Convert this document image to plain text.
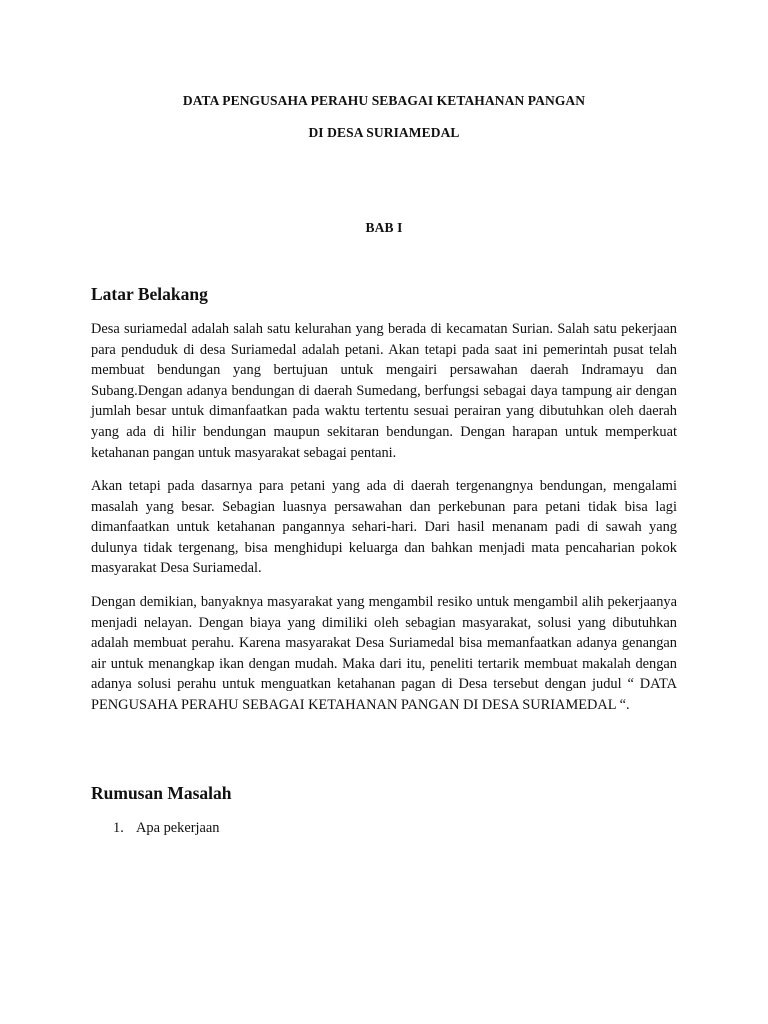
DATA PENGUSAHA PERAHU SEBAGAI KETAHANAN PANGAN
DI DESA SURIAMEDAL
BAB I
Latar Belakang

Desa suriamedal adalah salah satu kelurahan yang berada di kecamatan Surian. Salah satu pekerjaan para penduduk di desa Suriamedal adalah petani. Akan tetapi pada saat ini pemerintah pusat telah membuat bendungan yang bertujuan untuk mengairi persawahan daerah Indramayu dan Subang.Dengan adanya bendungan di daerah Sumedang, berfungsi sebagai daya tampung air dengan jumlah besar untuk dimanfaatkan pada waktu tertentu sesuai perairan yang dibutuhkan oleh daerah yang ada di hilir bendungan maupun sekitaran bendungan. Dengan harapan untuk memperkuat ketahanan pangan untuk masyarakat sebagai pentani.

Akan tetapi pada dasarnya para petani yang ada di daerah tergenangnya bendungan, mengalami masalah yang besar. Sebagian luasnya persawahan dan perkebunan para petani tidak bisa lagi dimanfaatkan untuk ketahanan pangannya sehari-hari. Dari hasil menanam padi di sawah yang dulunya tidak tergenang, bisa menghidupi keluarga dan bahkan menjadi mata pencaharian pokok masyarakat Desa Suriamedal.

Dengan demikian, banyaknya masyarakat yang mengambil resiko untuk mengambil alih pekerjaanya menjadi nelayan. Dengan biaya yang dimiliki oleh sebagian masyarakat, solusi yang dibutuhkan adalah membuat perahu. Karena masyarakat Desa Suriamedal bisa memanfaatkan adanya genangan air untuk menangkap ikan dengan mudah. Maka dari itu, peneliti tertarik membuat makalah dengan adanya solusi perahu untuk menguatkan ketahanan pagan di Desa tersebut dengan judul “ DATA PENGUSAHA PERAHU SEBAGAI KETAHANAN PANGAN DI DESA SURIAMEDAL “.

Rumusan Masalah
1. Apa pekerjaan
